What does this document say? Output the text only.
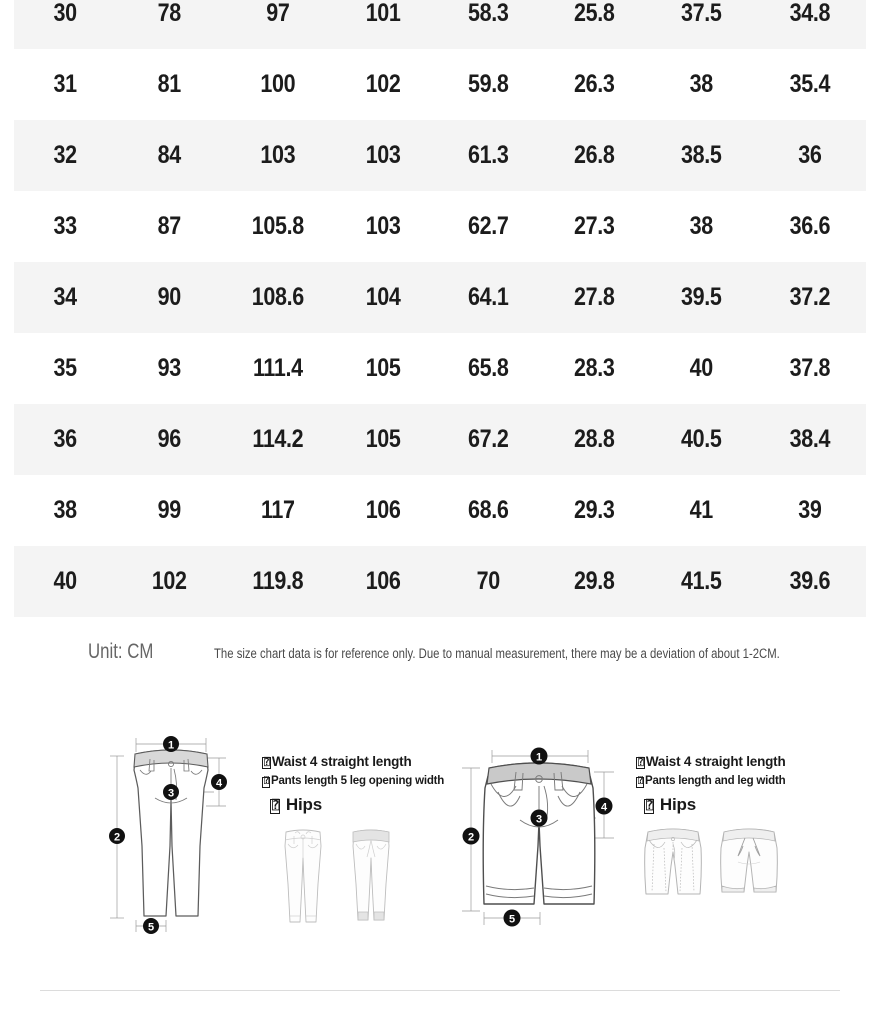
30	78	97	101	58.3	25.8	37.5	34.8
31	81	100	102	59.8	26.3	38	35.4
32	84	103	103	61.3	26.8	38.5	36
33	87	105.8	103	62.7	27.3	38	36.6
34	90	108.6	104	64.1	27.8	39.5	37.2
35	93	111.4	105	65.8	28.3	40	37.8
36	96	114.2	105	67.2	28.8	40.5	38.4
38	99	117	106	68.6	29.3	41	39
40	102	119.8	106	70	29.8	41.5	39.6
Unit: CM	The size chart data is for reference only. Due to manual measurement, there may be a deviation of about 1-2CM.
1
2
3
4
5
⍰ Waist 4 straight length
⍰ Pants length 5 leg opening width
⍰ Hips
1
2
3
4
5
⍰ Waist 4 straight length
⍰ Pants length and leg width
⍰ Hips
